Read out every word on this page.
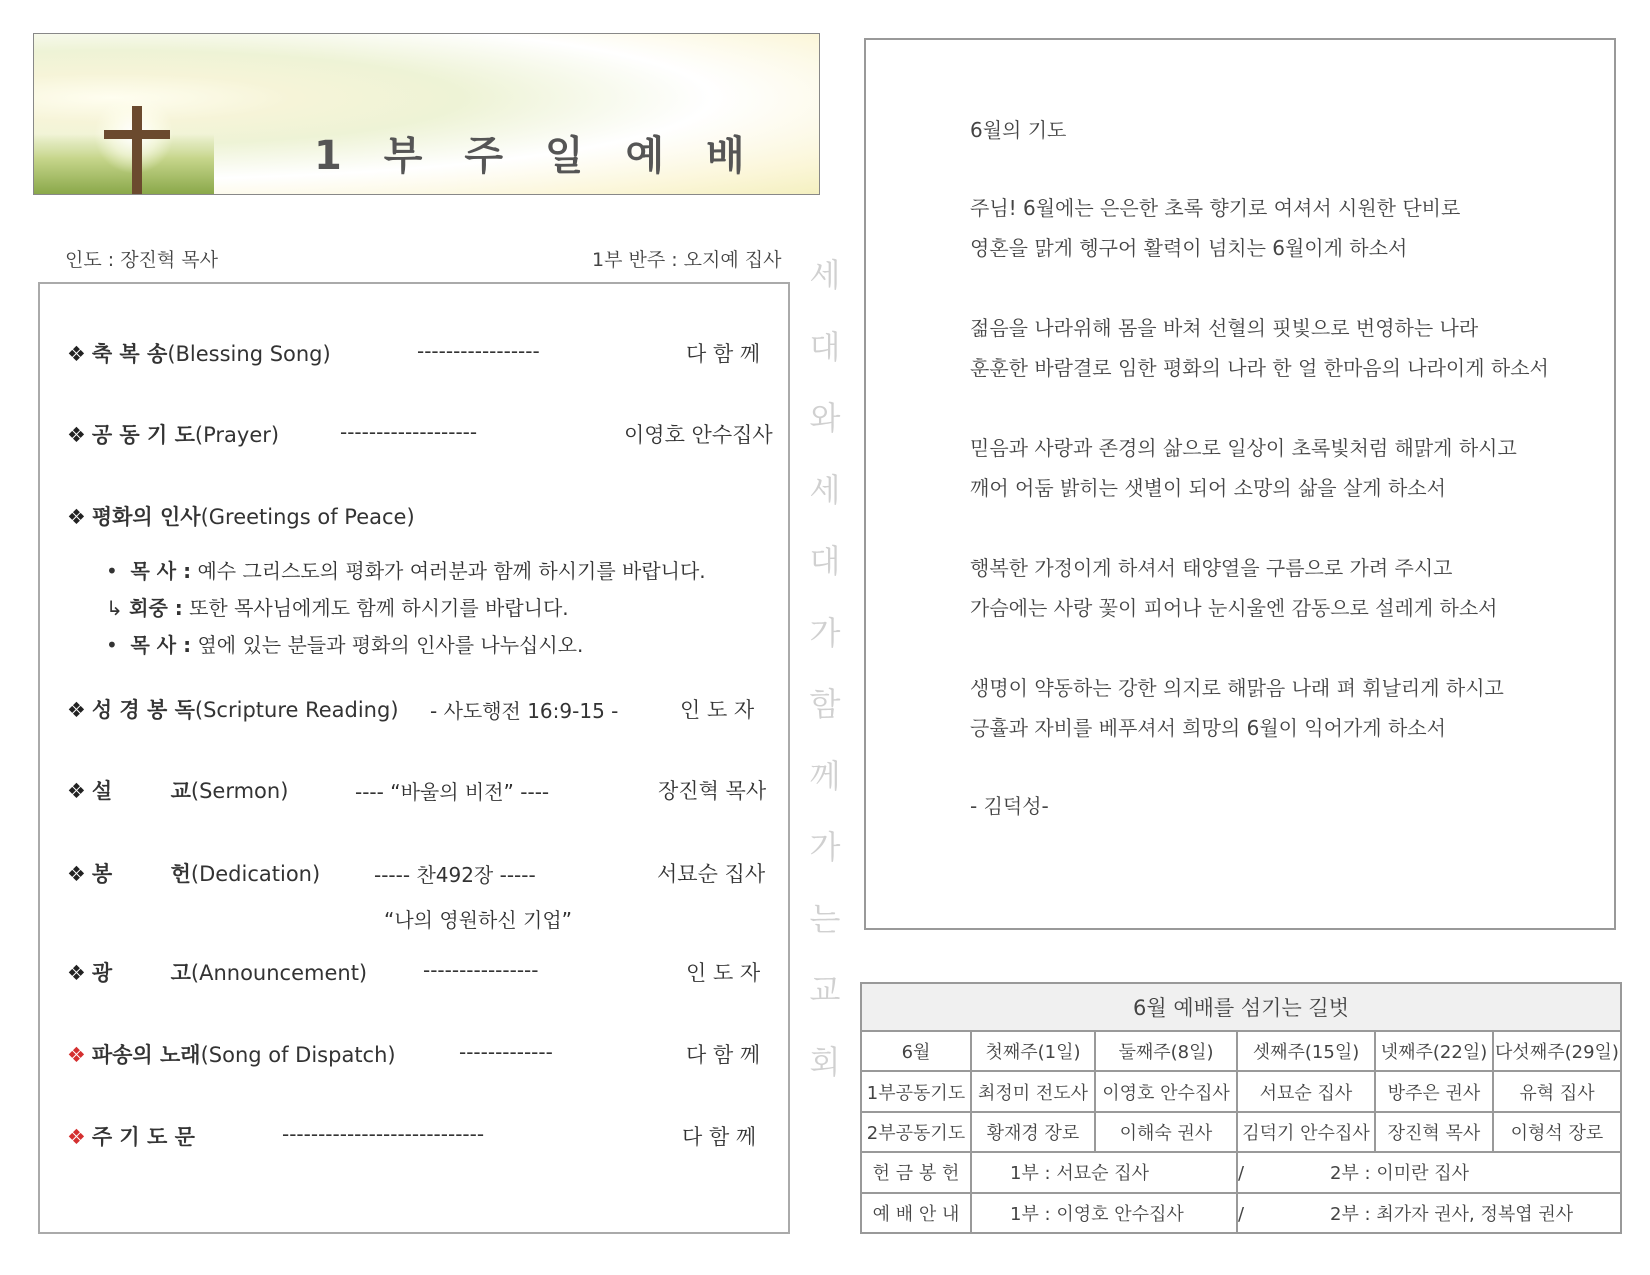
1 부 주 일 예 배
인도 : 장진혁 목사	1부 반주 : 오지예 집사
❖ 축 복 송(Blessing Song)	-----------------	다 함 께
❖ 공 동 기 도(Prayer)	-------------------	이영호 안수집사
❖ 평화의 인사(Greetings of Peace)
• 목 사 : 예수 그리스도의 평화가 여러분과 함께 하시기를 바랍니다.
↳ 회중 : 또한 목사님에게도 함께 하시기를 바랍니다.
• 목 사 : 옆에 있는 분들과 평화의 인사를 나누십시오.
❖ 성 경 봉 독(Scripture Reading) - 사도행전 16:9-15 -	인 도 자
❖ 설        교(Sermon)	---- “바울의 비전” ----	장진혁 목사
❖ 봉        헌(Dedication)	----- 찬492장 -----	서묘순 집사
“나의 영원하신 기업”
❖ 광        고(Announcement)	----------------	인 도 자
❖ 파송의 노래(Song of Dispatch)	-------------	다 함 께
❖ 주 기 도 문	----------------------------	다 함 께
세
대
와
세
대
가
함
께
가
는
교
회
6월의 기도
주님! 6월에는 은은한 초록 향기로 여셔서 시원한 단비로
영혼을 맑게 헹구어 활력이 넘치는 6월이게 하소서
젊음을 나라위해 몸을 바쳐 선혈의 핏빛으로 번영하는 나라
훈훈한 바람결로 임한 평화의 나라 한 얼 한마음의 나라이게 하소서
믿음과 사랑과 존경의 삶으로 일상이 초록빛처럼 해맑게 하시고
깨어 어둠 밝히는 샛별이 되어 소망의 삶을 살게 하소서
행복한 가정이게 하셔서 태양열을 구름으로 가려 주시고
가슴에는 사랑 꽃이 피어나 눈시울엔 감동으로 설레게 하소서
생명이 약동하는 강한 의지로 해맑음 나래 펴 휘날리게 하시고
긍휼과 자비를 베푸셔서 희망의 6월이 익어가게 하소서
- 김덕성-
6월 예배를 섬기는 길벗					
6월	첫째주(1일)	둘째주(8일)	셋째주(15일)	넷째주(22일)	다섯째주(29일)
1부공동기도	최정미 전도사	이영호 안수집사	서묘순 집사	방주은 권사	유혁 집사
2부공동기도	황재경 장로	이해숙 권사	김덕기 안수집사	장진혁 목사	이형석 장로
헌 금 봉 헌	1부 : 서묘순 집사		/ 2부 : 이미란 집사		
예 배 안 내	1부 : 이영호 안수집사		/ 2부 : 최가자 권사, 정복엽 권사		
